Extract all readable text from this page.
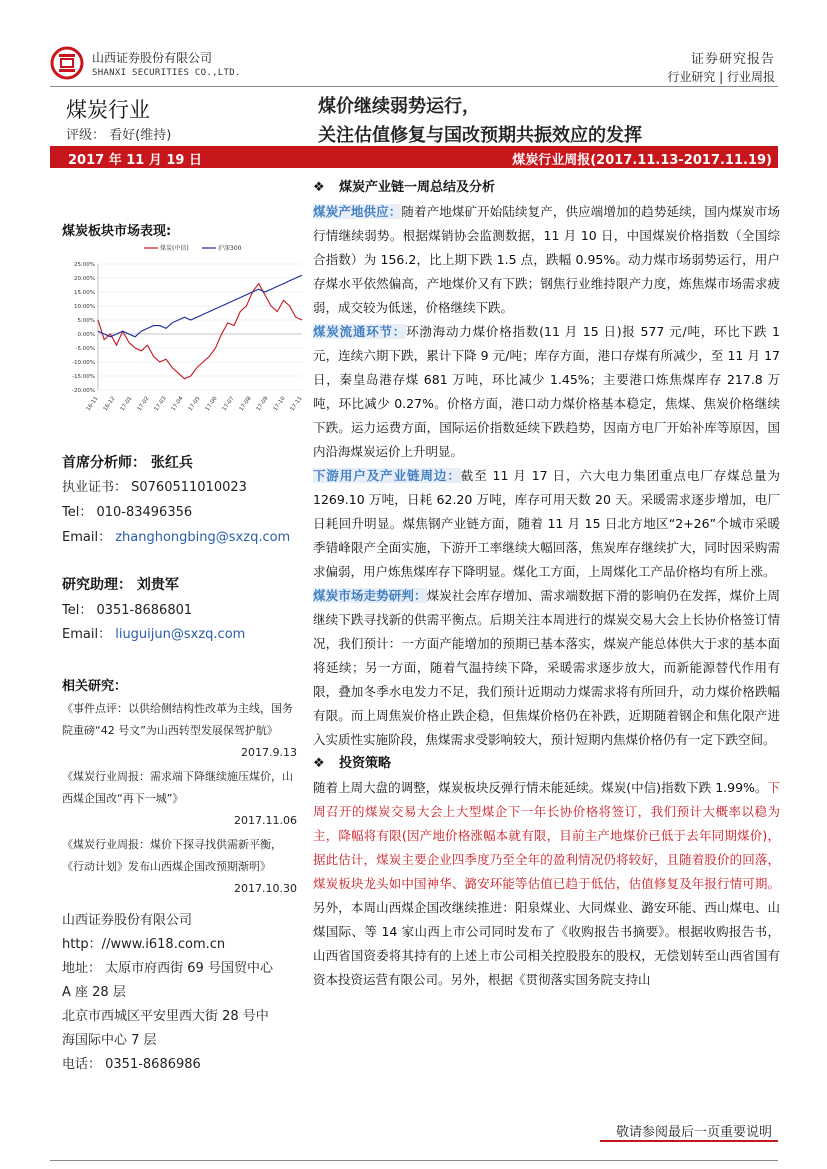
山西证券股份有限公司
SHANXI SECURITIES CO.,LTD.
证券研究报告
行业研究 | 行业周报
煤炭行业
评级： 看好(维持)
煤价继续弱势运行，
关注估值修复与国改预期共振效应的发挥
2017 年 11 月 19 日	煤炭行业周报(2017.11.13-2017.11.19)
煤炭板块市场表现:
25.00%
20.00%
15.00%
10.00%
5.00%
0.00%
-5.00%
-10.00%
-15.00%
-20.00%
16-11 16-12 17-01 17-02 17-03 17-04 17-05 17-06 17-07 17-08 17-09 17-10 17-11
煤炭(中信)	沪深300
首席分析师： 张红兵
执业证书： S0760511010023
Tel： 010-83496356
Email： zhanghongbing@sxzq.com
研究助理： 刘贵军
Tel： 0351-8686801
Email： liuguijun@sxzq.com
相关研究：
《事件点评：以供给侧结构性改革为主线，国务院重磅“42 号文”为山西转型发展保驾护航》
2017.9.13
《煤炭行业周报：需求端下降继续施压煤价，山西煤企国改“再下一城”》
2017.11.06
《煤炭行业周报：煤价下探寻找供需新平衡，《行动计划》发布山西煤企国改预期渐明》
2017.10.30
山西证券股份有限公司
http：//www.i618.com.cn
地址： 太原市府西街 69 号国贸中心
A 座 28 层
北京市西城区平安里西大街 28 号中
海国际中心 7 层
电话： 0351-8686986

❖ 煤炭产业链一周总结及分析

煤炭产地供应：随着产地煤矿开始陆续复产，供应端增加的趋势延续，国内煤炭市场行情继续弱势。根据煤销协会监测数据，11 月 10 日，中国煤炭价格指数（全国综合指数）为 156.2，比上期下跌 1.5 点，跌幅 0.95%。动力煤市场弱势运行，用户存煤水平依然偏高，产地煤价又有下跌；钢焦行业维持限产力度，炼焦煤市场需求疲弱，成交较为低迷，价格继续下跌。

煤炭流通环节：环渤海动力煤价格指数(11 月 15 日)报 577 元/吨，环比下跌 1 元，连续六期下跌，累计下降 9 元/吨；库存方面，港口存煤有所减少，至 11 月 17 日，秦皇岛港存煤 681 万吨，环比减少 1.45%；主要港口炼焦煤库存 217.8 万吨，环比减少 0.27%。价格方面，港口动力煤价格基本稳定，焦煤、焦炭价格继续下跌。运力运费方面，国际运价指数延续下跌趋势，因南方电厂开始补库等原因，国内沿海煤炭运价上升明显。

下游用户及产业链周边：截至 11 月 17 日，六大电力集团重点电厂存煤总量为 1269.10 万吨，日耗 62.20 万吨，库存可用天数 20 天。采暖需求逐步增加，电厂日耗回升明显。煤焦钢产业链方面，随着 11 月 15 日北方地区“2+26”个城市采暖季错峰限产全面实施，下游开工率继续大幅回落，焦炭库存继续扩大，同时因采购需求偏弱，用户炼焦煤库存下降明显。煤化工方面，上周煤化工产品价格均有所上涨。

煤炭市场走势研判：煤炭社会库存增加、需求端数据下滑的影响仍在发挥，煤价上周继续下跌寻找新的供需平衡点。后期关注本周进行的煤炭交易大会上长协价格签订情况，我们预计：一方面产能增加的预期已基本落实，煤炭产能总体供大于求的基本面将延续；另一方面，随着气温持续下降，采暖需求逐步放大，而新能源替代作用有限，叠加冬季水电发力不足，我们预计近期动力煤需求将有所回升，动力煤价格跌幅有限。而上周焦炭价格止跌企稳，但焦煤价格仍在补跌，近期随着钢企和焦化限产进入实质性实施阶段，焦煤需求受影响较大，预计短期内焦煤价格仍有一定下跌空间。

❖ 投资策略

随着上周大盘的调整，煤炭板块反弹行情未能延续。煤炭(中信)指数下跌 1.99%。下周召开的煤炭交易大会上大型煤企下一年长协价格将签订，我们预计大概率以稳为主，降幅将有限(因产地价格涨幅本就有限，目前主产地煤价已低于去年同期煤价)，据此估计，煤炭主要企业四季度乃至全年的盈利情况仍将较好，且随着股价的回落，煤炭板块龙头如中国神华、潞安环能等估值已趋于低估，估值修复及年报行情可期。另外，本周山西煤企国改继续推进：阳泉煤业、大同煤业、潞安环能、西山煤电、山煤国际、等 14 家山西上市公司同时发布了《收购报告书摘要》。根据收购报告书，山西省国资委将其持有的上述上市公司相关控股股东的股权，无偿划转至山西省国有资本投资运营有限公司。另外，根据《贯彻落实国务院支持山

敬请参阅最后一页重要说明
